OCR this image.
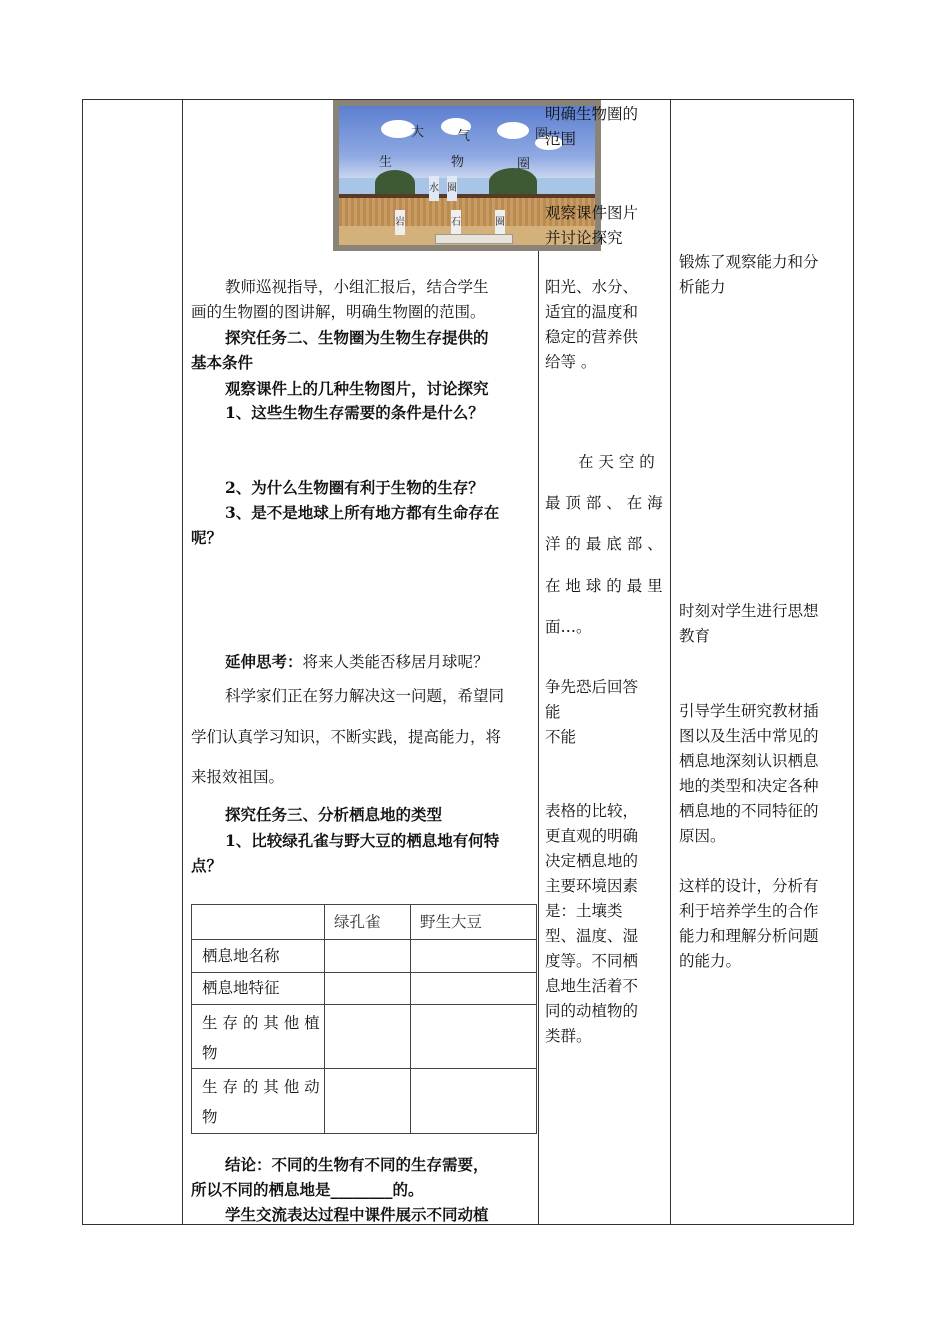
大	气	圈
生	物	圈
水 圈
岩	石	圈
教师巡视指导，小组汇报后，结合学生
画的生物圈的图讲解，明确生物圈的范围。
探究任务二、生物圈为生物生存提供的
基本条件
观察课件上的几种生物图片，讨论探究
1、这些生物生存需要的条件是什么？
2、为什么生物圈有利于生物的生存？
3、是不是地球上所有地方都有生命存在
呢？
延伸思考：将来人类能否移居月球呢？
科学家们正在努力解决这一问题，希望同
学们认真学习知识，不断实践，提高能力，将
来报效祖国。
探究任务三、分析栖息地的类型
1、比较绿孔雀与野大豆的栖息地有何特
点？
绿孔雀	野生大豆
栖息地名称
栖息地特征
生 存 的 其 他 植
物
生 存 的 其 他 动
物
结论：不同的生物有不同的生存需要，
所以不同的栖息地是________的。
学生交流表达过程中课件展示不同动植
明确生物圈的
范围
观察课件图片
并讨论探究
阳光、水分、
适宜的温度和
稳定的营养供
给等 。
在 天 空 的
最 顶 部 、 在 海
洋 的 最 底 部 、
在 地 球 的 最 里
面…。
争先恐后回答
能
不能
表格的比较，
更直观的明确
决定栖息地的
主要环境因素
是：土壤类
型、温度、湿
度等。不同栖
息地生活着不
同的动植物的
类群。
锻炼了观察能力和分
析能力
时刻对学生进行思想
教育
引导学生研究教材插
图以及生活中常见的
栖息地深刻认识栖息
地的类型和决定各种
栖息地的不同特征的
原因。
这样的设计，分析有
利于培养学生的合作
能力和理解分析问题
的能力。
